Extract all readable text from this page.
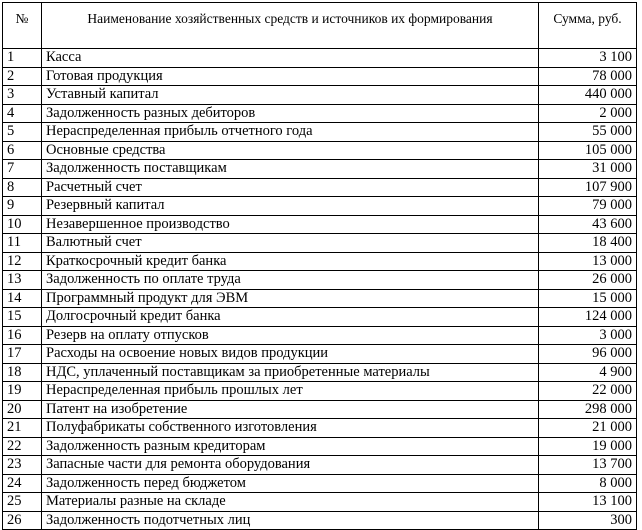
№	Наименование хозяйственных средств и источников их формирования	Сумма, руб.
1	Касса	3 100
2	Готовая продукция	78 000
3	Уставный капитал	440 000
4	Задолженность разных дебиторов	2 000
5	Нераспределенная прибыль отчетного года	55 000
6	Основные средства	105 000
7	Задолженность поставщикам	31 000
8	Расчетный счет	107 900
9	Резервный капитал	79 000
10	Незавершенное производство	43 600
11	Валютный счет	18 400
12	Краткосрочный кредит банка	13 000
13	Задолженность по оплате труда	26 000
14	Программный продукт для ЭВМ	15 000
15	Долгосрочный кредит банка	124 000
16	Резерв на оплату отпусков	3 000
17	Расходы на освоение новых видов продукции	96 000
18	НДС, уплаченный поставщикам за приобретенные материалы	4 900
19	Нераспределенная прибыль прошлых лет	22 000
20	Патент на изобретение	298 000
21	Полуфабрикаты собственного изготовления	21 000
22	Задолженность разным кредиторам	19 000
23	Запасные части для ремонта оборудования	13 700
24	Задолженность перед бюджетом	8 000
25	Материалы разные на складе	13 100
26	Задолженность подотчетных лиц	300
